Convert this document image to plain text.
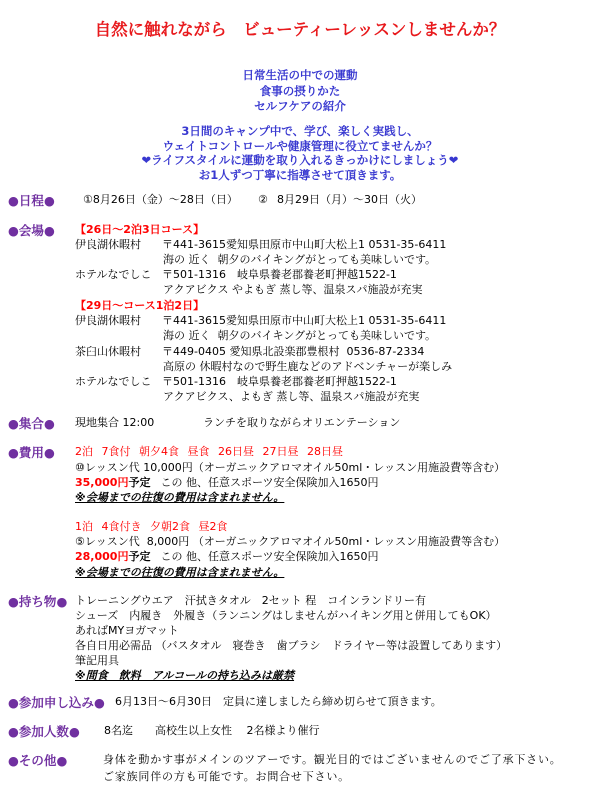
自然に触れながら　ビューティーレッスンしませんか？
日常生活の中での運動
食事の摂りかた
セルフケアの紹介
3日間のキャンプ中で、学び、楽しく実践し、
ウェイトコントロールや健康管理に役立てませんか？
❤ライフスタイルに運動を取り入れるきっかけにしましょう❤
お1人ずつ丁寧に指導させて頂きます。
●日程●	①8月26日（金）～28日（日） ② 8月29日（月）～30日（火）
●会場● 【26日～2泊3日コース】
伊良湖休暇村 〒441-3615愛知県田原市中山町大松上1 0531-35-6411
海の 近く  朝夕のバイキングがとっても美味しいです。
ホテルなでしこ 〒501-1316　岐阜県養老郡養老町押越1522-1
アクアビクス やよもぎ 蒸し等、温泉スパ施設が充実
【29日～コース1泊2日】
伊良湖休暇村 〒441-3615愛知県田原市中山町大松上1 0531-35-6411
海の 近く  朝夕のバイキングがとっても美味しいです。
茶臼山休暇村 〒449-0405 愛知県北設楽郡豊根村  0536-87-2334
高原の 休暇村なので野生鹿などのアドベンチャーが楽しみ
ホテルなでしこ 〒501-1316　岐阜県養老郡養老町押越1522-1
アクアビクス、よもぎ 蒸し等、温泉スパ施設が充実
●集合● 現地集合 12:00	ランチを取りながらオリエンテーション
●費用● 2泊 7食付 朝夕4食 昼食 26日昼 27日昼 28日昼
⑩レッスン代 10,000円（オーガニックアロマオイル50ml・レッスン用施設費等含む）
35,000円予定 この 他、任意スポーツ安全保険加入1650円
※会場までの往復の費用は含まれません。
1泊 4食付き 夕朝2食 昼2食
⑤レッスン代  8,000円 （オーガニックアロマオイル50ml・レッスン用施設費等含む）
28,000円予定 この 他、任意スポーツ安全保険加入1650円
※会場までの往復の費用は含まれません。
●持ち物● トレーニングウエア　汗拭きタオル　2セット 程　コインランドリー有
シューズ　内履き　外履き（ランニングはしませんがハイキング用と併用してもOK）
あればMYヨガマット
各自日用必需品 （バスタオル　寝巻き　歯ブラシ　ドライヤー等は設置してあります）
筆記用具
※間食　飲料　アルコールの持ち込みは厳禁
●参加申し込み● 6月13日～6月30日　定員に達しましたら締め切らせて頂きます。
●参加人数● 8名迄　　高校生以上女性　 2名様より催行
●その他●	身体を動かす事がメインのツアーです。観光目的ではございませんのでご了承下さい。
ご家族同伴の方も可能です。お問合せ下さい。
